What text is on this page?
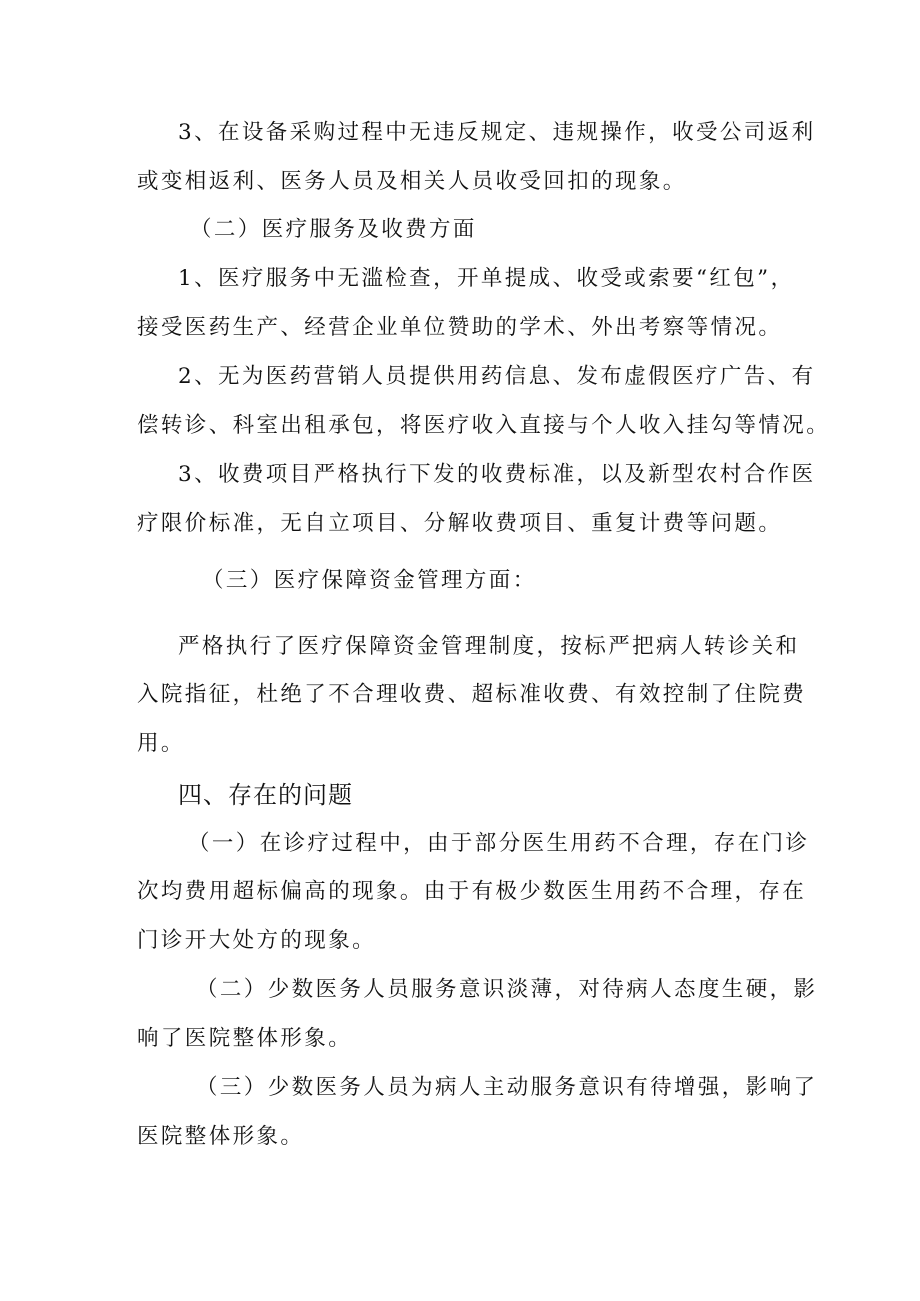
3、在设备采购过程中无违反规定、违规操作，收受公司返利
或变相返利、医务人员及相关人员收受回扣的现象。
（二）医疗服务及收费方面
1、医疗服务中无滥检查，开单提成、收受或索要“红包”，
接受医药生产、经营企业单位赞助的学术、外出考察等情况。
2、无为医药营销人员提供用药信息、发布虚假医疗广告、有
偿转诊、科室出租承包，将医疗收入直接与个人收入挂勾等情况。
3、收费项目严格执行下发的收费标准，以及新型农村合作医
疗限价标准，无自立项目、分解收费项目、重复计费等问题。
（三）医疗保障资金管理方面：
严格执行了医疗保障资金管理制度，按标严把病人转诊关和
入院指征，杜绝了不合理收费、超标准收费、有效控制了住院费
用。
四、存在的问题
（一）在诊疗过程中，由于部分医生用药不合理，存在门诊
次均费用超标偏高的现象。由于有极少数医生用药不合理，存在
门诊开大处方的现象。
（二）少数医务人员服务意识淡薄，对待病人态度生硬，影
响了医院整体形象。
（三）少数医务人员为病人主动服务意识有待增强，影响了
医院整体形象。
